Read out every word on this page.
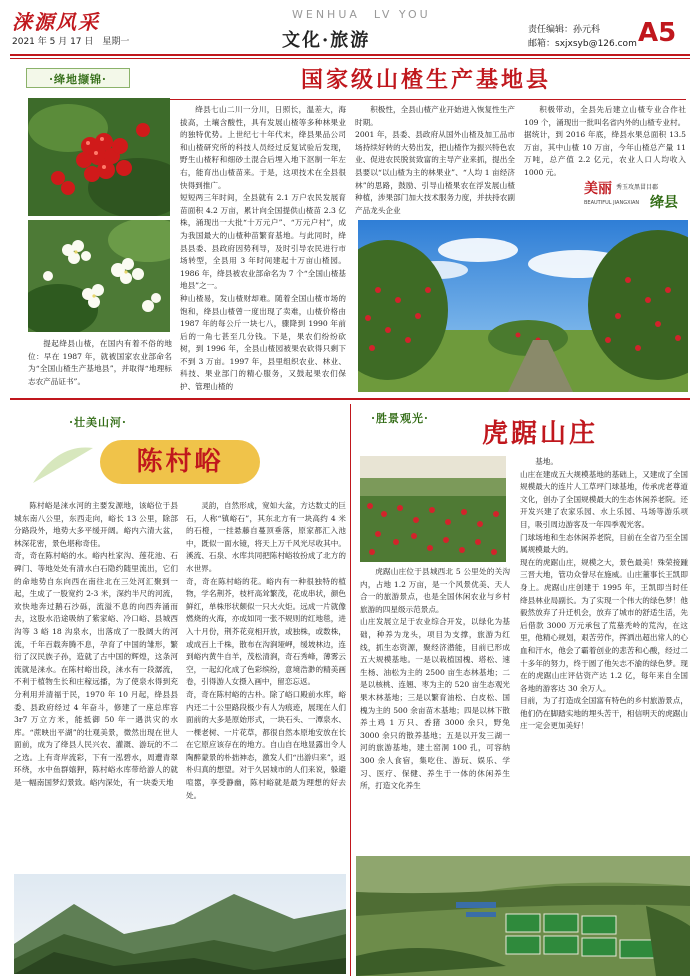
涞源风采
2021 年 5 月 17 日　星期一
WENHUA　LV YOU
文化·旅游	责任编辑：孙元科
邮箱：sxjxsyb@126.com A5
·绛地撷锦·	国家级山楂生产基地县
提起绛县山楂，在国内有着不俗的地位：早在 1987 年，就被国家农业部命名为“全国山楂生产基地县”，并取得“地理标志农产品证书”。
绛县七山二川一分川，日照长，温差大，海拔高，土壤含酸性，具有发展山楂等多种林果业的独特优势。上世纪七十年代末，绛县果品公司和山楂研究所的科技人员经过反复试验后发现，野生山楂籽和细砂土混合后埋入地下沤制一年左右，能育出山楂苗来。于是，这项技术在全县很快得到推广。
短短两三年时间，全县就有 2.1 万户农民发展育苗面积 4.2 万亩，累计向全国提供山楂苗 2.3 亿株，涌现出一大批“十万元户”、“万元户村”，成为我国最大的山楂种苗繁育基地。与此同时，绛县县委、县政府因势利导，及时引导农民进行市场转型，全县用 3 年时间建起十万亩山楂园。1986 年，绛县被农业部命名为 7 个“全国山楂基地县”之一。
种山楂易，发山楂财却难。随着全国山楂市场的饱和，绛县山楂曾一度出现了卖难，山楂价格由 1987 年的每公斤一块七八，骤降到 1990 年前后的一角七甚至几分钱。下是，果农们纷纷砍树，到 1996 年，全县山楂园被果农砍得只剩下不到 3 万亩。1997 年，县里组织农业、林业、科技、果业部门的精心服务，又鼓起果农们保护、管理山楂的
积极性，全县山楂产业开始进入恢复性生产时期。
2001 年，县委、县政府从国外山楂及加工品市场持续好转的大势出发，把山楂作为振兴特色农业、促进农民脱贫致富的主导产业来抓，提出全县要以“以山楂为主的林果业”、“人均 1 亩经济林”的思路，鼓励、引导山楂果农在浮发展山楂种植，涉果部门加大技术服务力度，并扶持农副产品龙头企业
积极带动，全县先后建立山楂专业合作社 109 个，涌现出一批叫名省内外的山楂专业村。
据统计，到 2016 年底，绛县水果总面积 13.5 万亩，其中山楂 10 万亩，今年山楂总产量 11 万吨，总产值 2.2 亿元，农业人口人均收入 1000 元。
美丽 秀玉攻黑冒目郡
BEAUTIFUL JIANGXIAN 绛县
·壮美山河·
陈村峪
陈村峪是涞水河的主要发源地，该峪位于县城东南八公里，东西走向，峪长 13 公里，除部分路段外，地势大多平缓开阔。峪内六清大盆，林深花密，景色堪称奇佳。
奇，奇在陈村峪的水。峪内杜家沟、莲花池、石碑门、等地处处有清水白石隐约随里流出，它们的命地势自东向西在南往北在三处河汇聚到一起，生成了一股宽约 2-3 米，深约半尺的河流，欢快地奔过鹅石沙砾，流溢不息的向西奔涌而去，这股水沿途吸纳了紫家峪、冷口峪、县城西沟等 3 峪 18 沟泉水，出落成了一股阔大的河流，千年百载奔腾不息，孕育了中国的雏形，繁衍了汉民族子孙，造就了古中国的辉煌，这条河流就是涞水。在陈村峪出段，涞水有一段潺流，不利于植物生长和庄稼远播，为了使泉水得到充分利用并清福于民，1970 年 10 月起，绛县县委、县政府经过 4 年奋斗，修建了一座总库容 3r7 万立方米，能抵御 50 年一遇洪灾的水库。“蔗映出平湖”的壮观美景，微然出现在世人面前，成为了绛县人民兴农、灌溉、游玩的不二之选。上有奇岸流彩，下有一泓碧水，周遭青翠环绕，水中鱼群嬉狎，陈村峪水库带给游人的就是一幅南国梦幻景致。峪内深处，有一块委天地
灵韵，自然形成，宽如大盆，方达数丈的巨石，人称“镇峪石”，其东北方有一块高约 4 米的石橙，一挂悬藤自蔓顶垂落，原家都汇入池中，既似一面水镜，将天上万千风光尽收其中。溪流、石泉、水库共同把陈村峪妆扮成了北方的水世界。
奇，奇在陈村峪的花。峪内有一种很独特的植物，学名荆芥，枝杆高耸繁茂，花成串状，颜色鲜红，单株形状颇似一只大火炬。远成一片就像燃烧的火海，亦成如同一张不规则的红地毯，进入十月份，荆芥花竞相开放，或独株，或数株，或成百上千株，散布在沟涧垭岬，缓坡林边，连到峪内黄牛自羊，茂松清涧，奇石秀峰，薄雾云空，一起幻化成了色彩缤纷，意境浩渺的精美画卷，引得游人女摄入画中，留恋忘返。
奇，奇在陈村峪的古朴。除了峪口殿前水库，峪内还二十公里路段极少有人为痕迹，展现在人们面前的大多是原始形式，一块石头、一潭泉水、一棵老树、一片花草，都很自然本原地安放在长在它原应该存在的地方。自山自在地显露出令人陶醉蒙景的朴拙神态，激发人们“出游归来”，返朴归真的想望。对于久居城市的人们来说，躲避喧嚣，享受静幽，陈村峪就是最为理想的好去处。
·胜景观光·
虎踞山庄
虎踞山庄位于县城西北 5 公里处的关沟内，占地 1.2 万亩，是一个风景优美、天人合一的旅游景点，也是全国休闲农业与乡村旅游的四星级示范景点。
山庄发展立足于农业综合开发，以绿化为基础，种养为龙头，项目为支撑，旅游为红线，抓生态资源，聚经济潜能，目前已形成五大规模基地。一是以栽植国槐、塔松、速生杨、油松为主的 2500 亩生态林基地；二是以核桃、连翘、枣为主的 520 亩生态观光果木林基地；三是以繁育油松、白皮松、国槐为主的 500 余亩苗木基地；四是以林下散养土鸡 1 万只、香猪 3000 余只，野兔 3000 余只的散养基地；五是以开发三湖一河的旅游基地，建土窑洞 100 孔，可容纳 300 余人食宿，集吃住、游玩、娱乐、学习、医疗、保健、养生于一体的休闲养生所，打造文化养生
基地。
山庄在建成五大规模基地的基础上，又建成了全国规模最大的连片人工草坪门球基地，传承虎老尊道文化，创办了全国规模最大的生态休闲养老院。还开发兴建了农家乐园、水上乐园、马场等游乐项目，吸引周边游客及一年四季观光客。
门球场地和生态休闲养老院，目前在全省乃至全国属规模最大的。
现在的虎踞山庄，规模之大，景色最美！殊荣接踵三晋大地，管功众誉尽在施威。山庄董事长王凯即身上。虎踞山庄创建于 1995 年，王凯即当时任绛县林业局副长。为了实现一个伟大的绿色梦！他毅然放弃了升迁机会，放弃了城市的舒适生活，先后借款 3000 万元承包了荒墓秃岭的荒沟，在这里，他精心规划，艰苦劳作，挥洒出超出常人的心血和汗水，他会了霸着创业的悲苦和心酸，经过二十多年的努力，终于圆了他矢志不渝的绿色梦。现在的虎踞山庄评估资产达 1.2 亿，每年来自全国各地的游客达 30 余万人。
目前，为了打造成全国富有特色的乡村旅游景点，他们仍在脚踏实地的埋头苦干，相信明天的虎踞山庄一定会更加美好！
